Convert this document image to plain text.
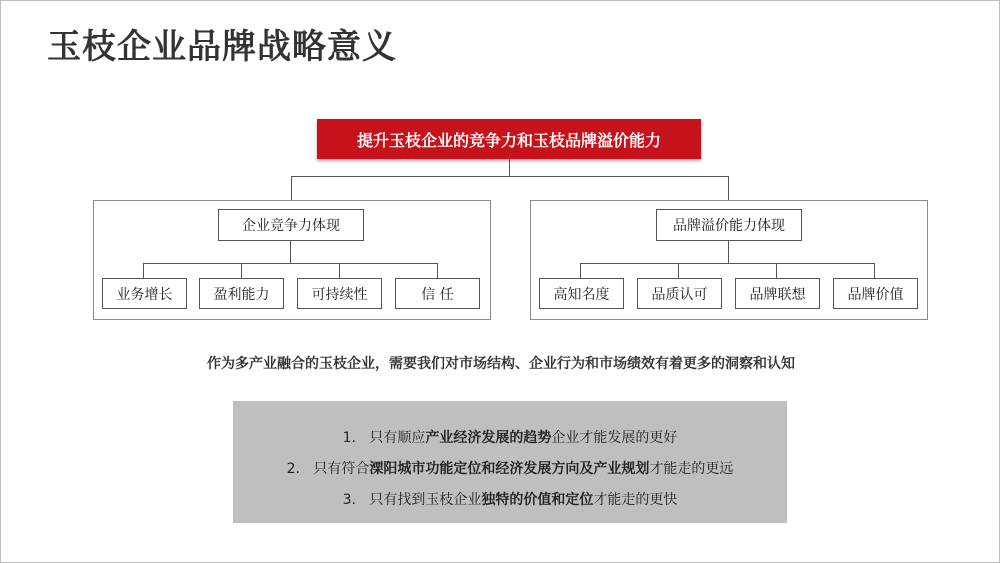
玉枝企业品牌战略意义
提升玉枝企业的竞争力和玉枝品牌溢价能力
企业竞争力体现
业务增长	盈利能力	可持续性	信 任
品牌溢价能力体现
高知名度	品质认可	品牌联想	品牌价值
作为多产业融合的玉枝企业，需要我们对市场结构、企业行为和市场绩效有着更多的洞察和认知
1. 只有顺应产业经济发展的趋势企业才能发展的更好
2. 只有符合溧阳城市功能定位和经济发展方向及产业规划才能走的更远
3. 只有找到玉枝企业独特的价值和定位才能走的更快
